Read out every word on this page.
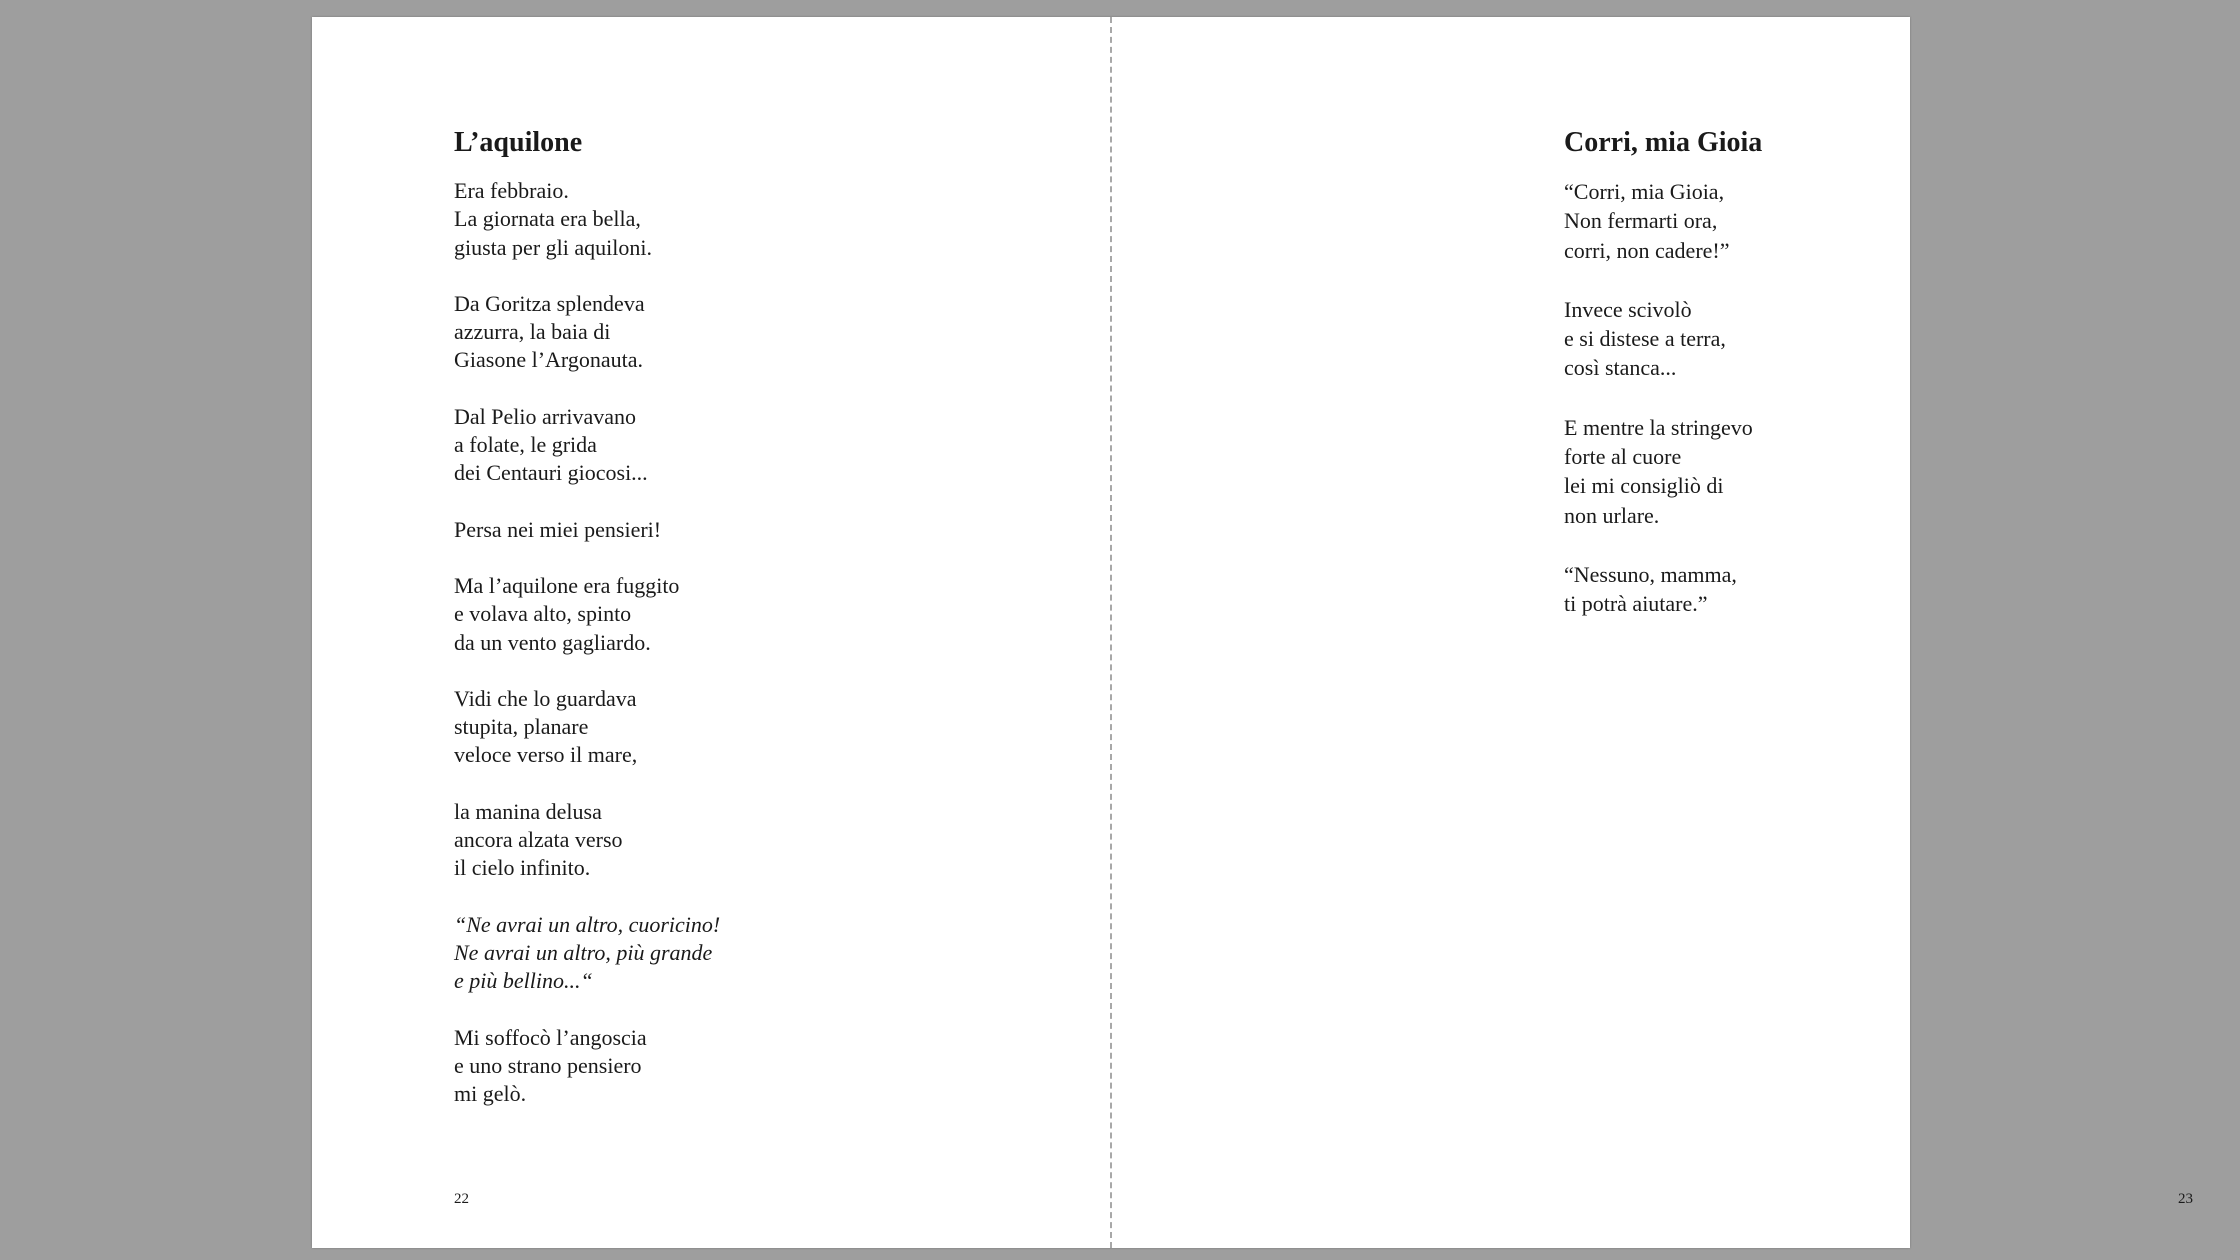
L’aquilone
Era febbraio.
La giornata era bella,
giusta per gli aquiloni.
Da Goritza splendeva
azzurra, la baia di
Giasone l’Argonauta.
Dal Pelio arrivavano
a folate, le grida
dei Centauri giocosi...
Persa nei miei pensieri!
Ma l’aquilone era fuggito
e volava alto, spinto
da un vento gagliardo.
Vidi che lo guardava
stupita, planare
veloce verso il mare,
la manina delusa
ancora alzata verso
il cielo infinito.
“Ne avrai un altro, cuoricino!
Ne avrai un altro, più grande
e più bellino...“
Mi soffocò l’angoscia
e uno strano pensiero
mi gelò.
22
Corri, mia Gioia
“Corri, mia Gioia,
Non fermarti ora,
corri, non cadere!”
Invece scivolò
e si distese a terra,
così stanca...
E mentre la stringevo
forte al cuore
lei mi consigliò di
non urlare.
“Nessuno, mamma,
ti potrà aiutare.”
23
